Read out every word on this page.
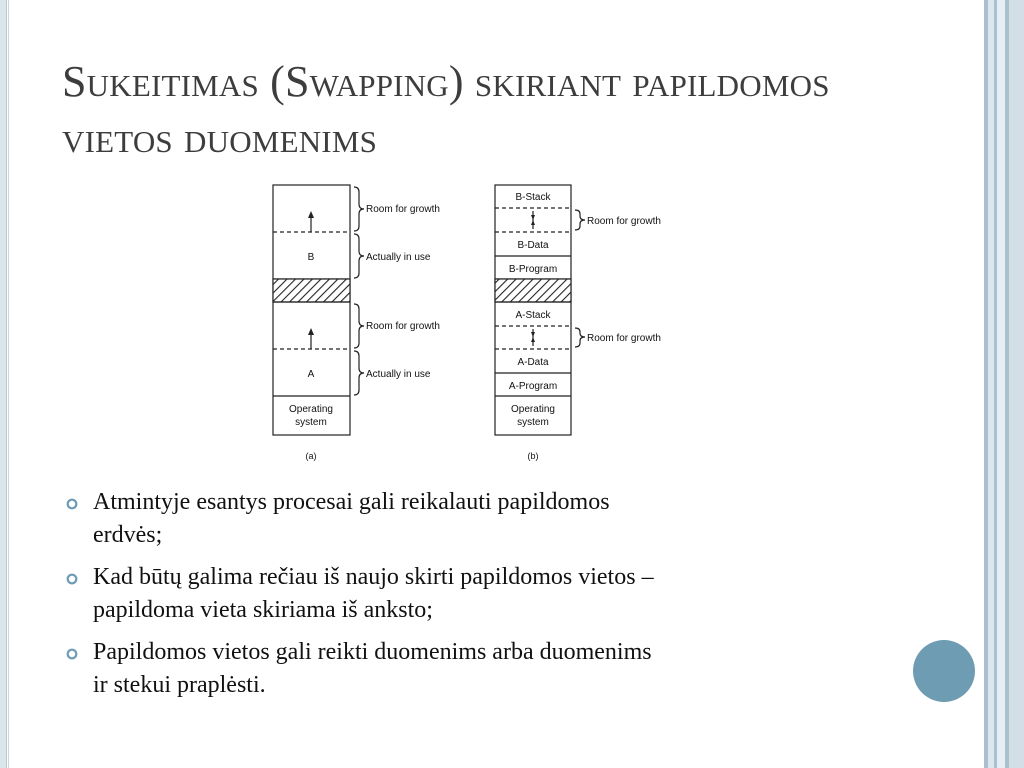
Sukeitimas (Swapping) skiriant papildomos vietos duomenims
B
A
Operating
system
(a)
Room for growth
Actually in use
Room for growth
Actually in use
B-Stack
B-Data
B-Program
A-Stack
A-Data
A-Program
Operating
system
(b)
Room for growth
Room for growth
Atmintyje esantys procesai gali reikalauti papildomos
erdvės;
Kad būtų galima rečiau iš naujo skirti papildomos vietos –
papildoma vieta skiriama iš anksto;
Papildomos vietos gali reikti duomenims arba duomenims
ir stekui praplėsti.
